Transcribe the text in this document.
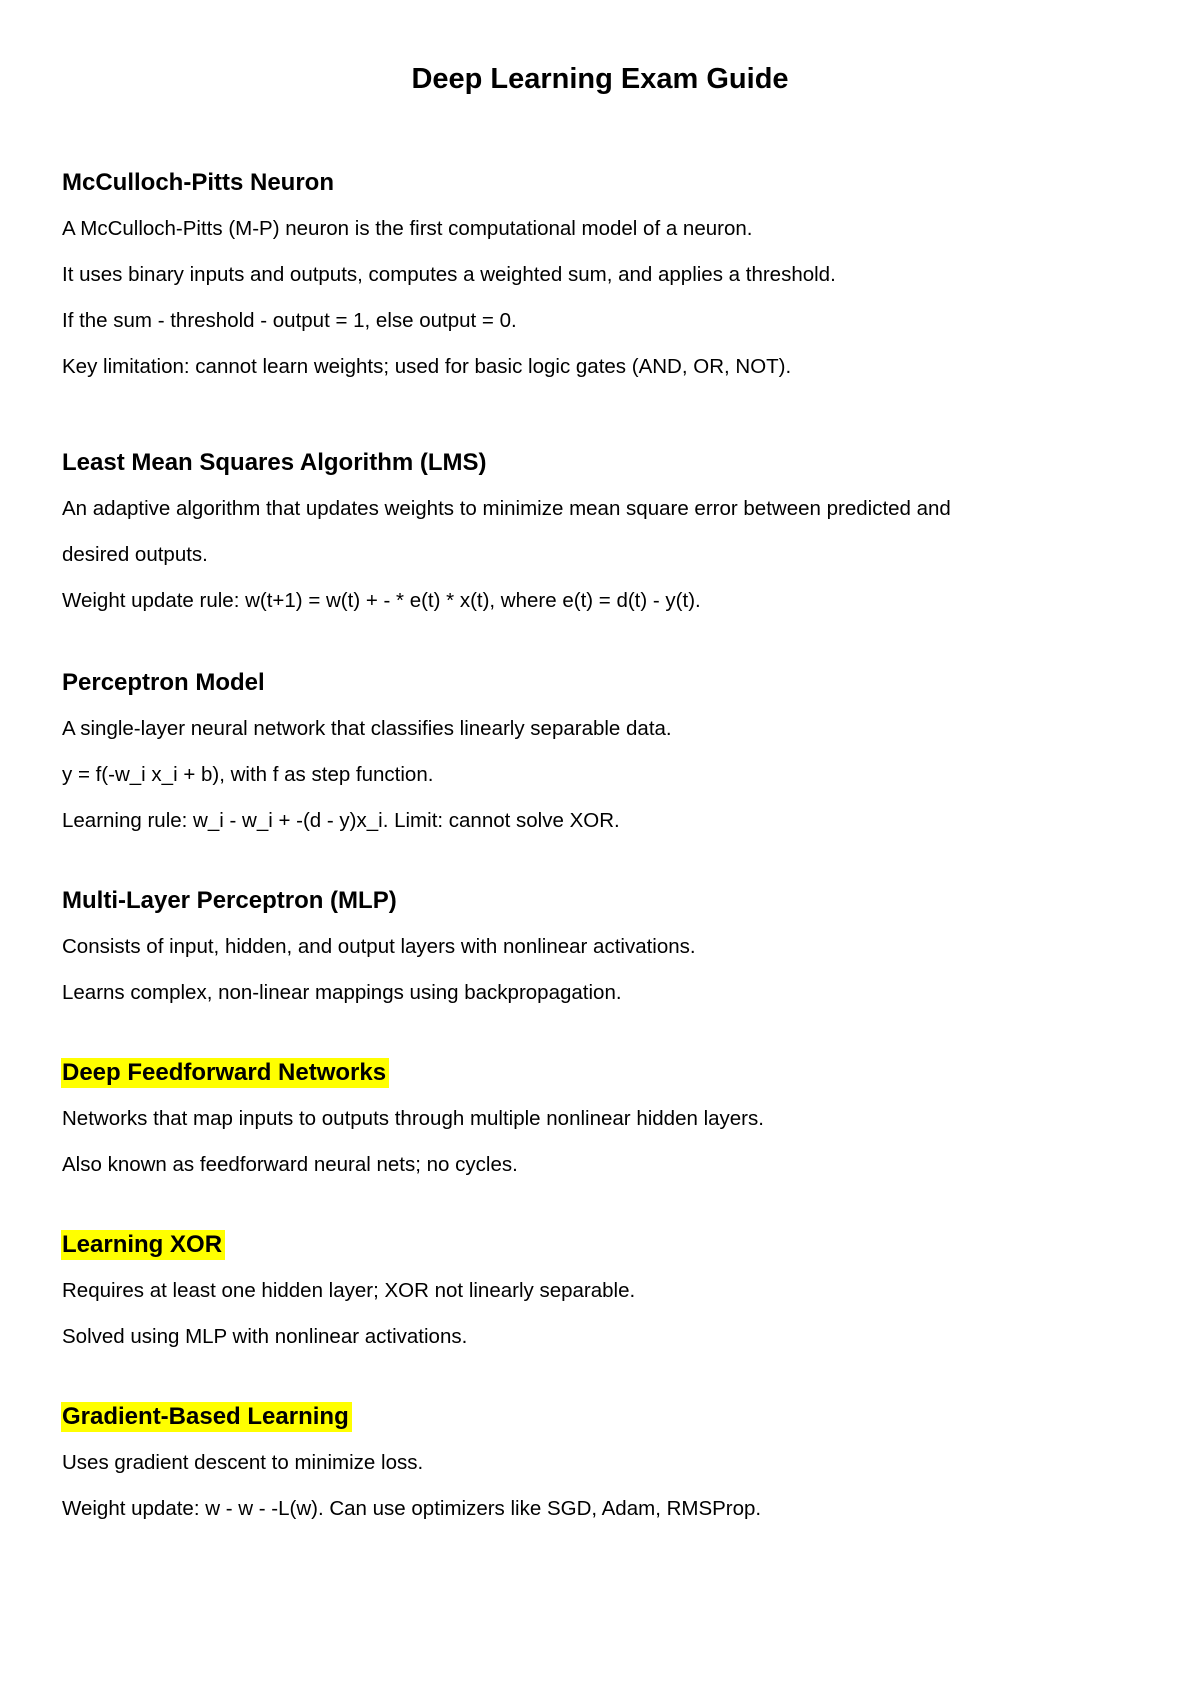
Deep Learning Exam Guide
McCulloch-Pitts Neuron

A McCulloch-Pitts (M-P) neuron is the first computational model of a neuron.

It uses binary inputs and outputs, computes a weighted sum, and applies a threshold.

If the sum - threshold - output = 1, else output = 0.

Key limitation: cannot learn weights; used for basic logic gates (AND, OR, NOT).

Least Mean Squares Algorithm (LMS)

An adaptive algorithm that updates weights to minimize mean square error between predicted and

desired outputs.

Weight update rule: w(t+1) = w(t) + - * e(t) * x(t), where e(t) = d(t) - y(t).

Perceptron Model

A single-layer neural network that classifies linearly separable data.

y = f(-w_i x_i + b), with f as step function.

Learning rule: w_i - w_i + -(d - y)x_i. Limit: cannot solve XOR.

Multi-Layer Perceptron (MLP)

Consists of input, hidden, and output layers with nonlinear activations.

Learns complex, non-linear mappings using backpropagation.

Deep Feedforward Networks

Networks that map inputs to outputs through multiple nonlinear hidden layers.

Also known as feedforward neural nets; no cycles.

Learning XOR

Requires at least one hidden layer; XOR not linearly separable.

Solved using MLP with nonlinear activations.

Gradient-Based Learning

Uses gradient descent to minimize loss.

Weight update: w - w - -L(w). Can use optimizers like SGD, Adam, RMSProp.
